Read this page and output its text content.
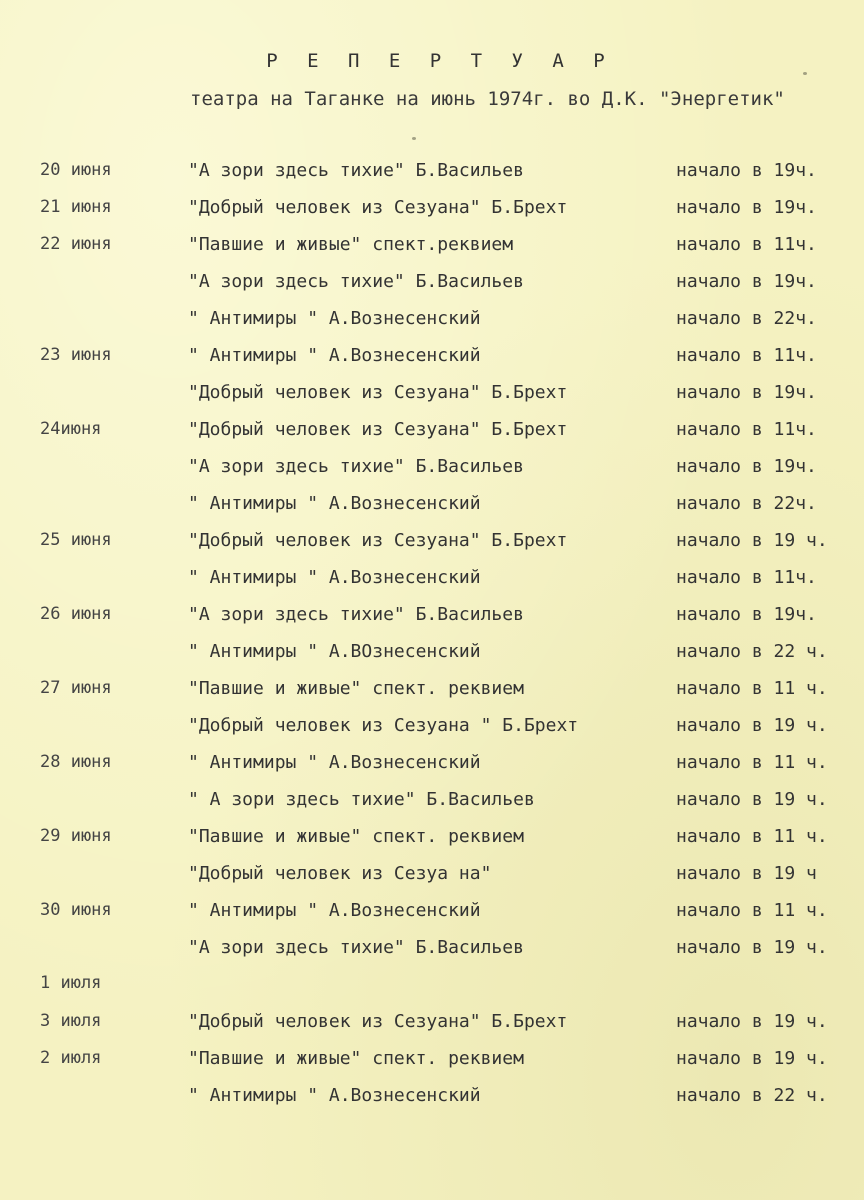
Р Е П Е Р Т У А Р
театра на Таганке на июнь 1974г. во Д.К. "Энергетик"
20 июня	"А зори здесь тихие" Б.Васильев	начало в 19ч.
21 июня	"Добрый человек из Сезуана" Б.Брехт	начало в 19ч.
22 июня	"Павшие и живые" спект.реквием	начало в 11ч.
"А зори здесь тихие" Б.Васильев	начало в 19ч.
" Антимиры " А.Вознесенский	начало в 22ч.
23 июня	" Антимиры " А.Вознесенский	начало в 11ч.
"Добрый человек из Сезуана" Б.Брехт	начало в 19ч.
24июня	"Добрый человек из Сезуана" Б.Брехт	начало в 11ч.
"А зори здесь тихие" Б.Васильев	начало в 19ч.
" Антимиры " А.Вознесенский	начало в 22ч.
25 июня	"Добрый человек из Сезуана" Б.Брехт	начало в 19 ч.
" Антимиры " А.Вознесенский	начало в 11ч.
26 июня	"А зори здесь тихие" Б.Васильев	начало в 19ч.
" Антимиры " А.ВОзнесенский	начало в 22 ч.
27 июня	"Павшие и живые" спект. реквием	начало в 11 ч.
"Добрый человек из Сезуана " Б.Брехт	начало в 19 ч.
28 июня	" Антимиры " А.Вознесенский	начало в 11 ч.
" А зори здесь тихие" Б.Васильев	начало в 19 ч.
29 июня	"Павшие и живые" спект. реквием	начало в 11 ч.
"Добрый человек из Сезуа на"	начало в 19 ч
30 июня	" Антимиры " А.Вознесенский	начало в 11 ч.
"А зори здесь тихие" Б.Васильев	начало в 19 ч.
1 июля
3 июля	"Добрый человек из Сезуана" Б.Брехт	начало в 19 ч.
2 июля	"Павшие и живые" спект. реквием	начало в 19 ч.
" Антимиры " А.Вознесенский	начало в 22 ч.
